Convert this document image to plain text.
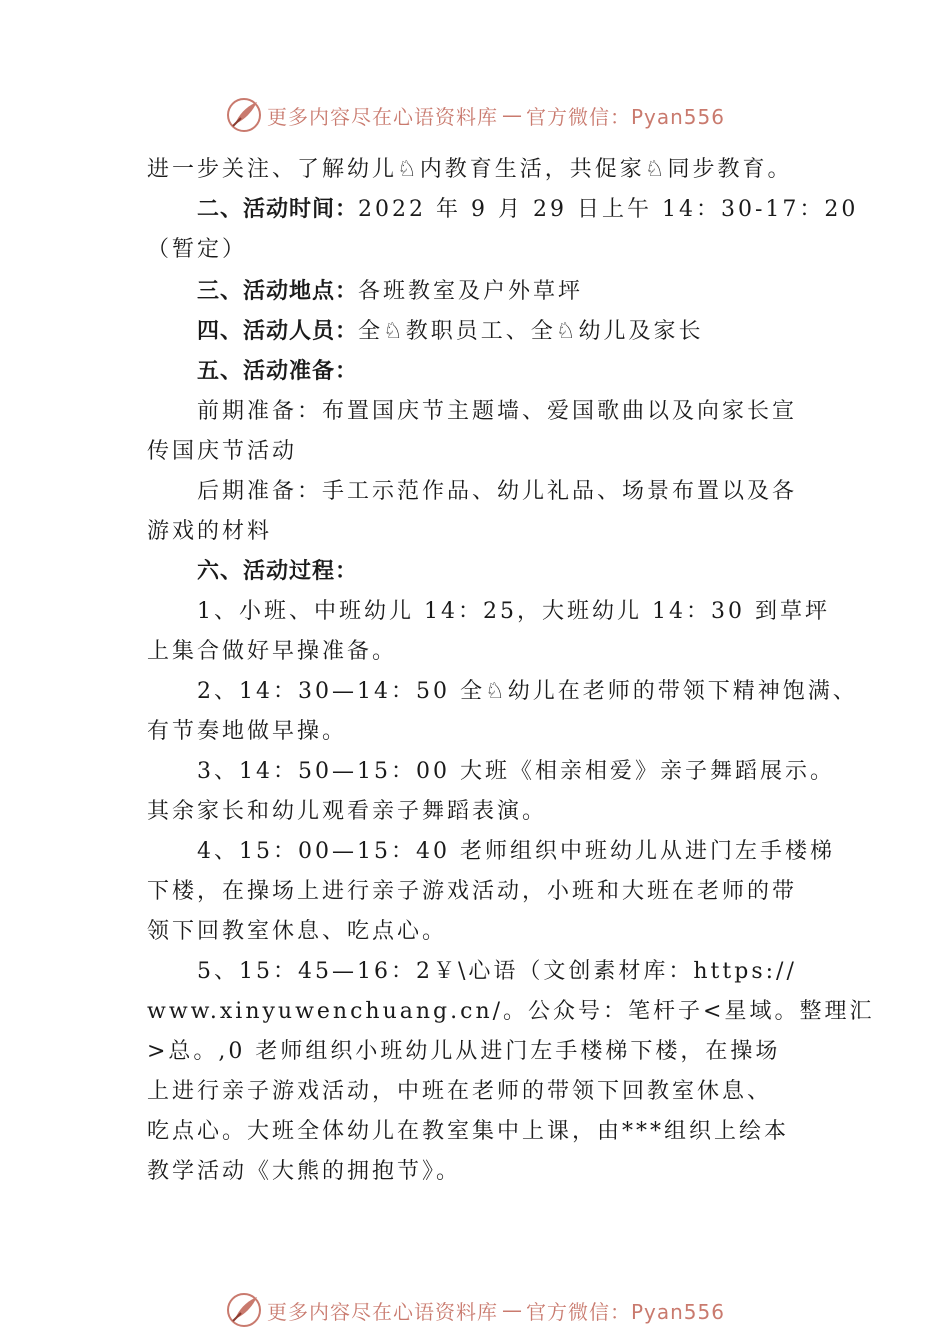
更多内容尽在心语资料库 — 官方微信：Pyan556
进一步关注、了解幼儿♘内教育生活，共促家♘同步教育。
二、活动时间：2022 年 9 月 29 日上午 14：30-17：20
（暂定）
三、活动地点：各班教室及户外草坪
四、活动人员：全♘教职员工、全♘幼儿及家长
五、活动准备：
前期准备：布置国庆节主题墙、爱国歌曲以及向家长宣
传国庆节活动
后期准备：手工示范作品、幼儿礼品、场景布置以及各
游戏的材料
六、活动过程：
1、小班、中班幼儿 14：25，大班幼儿 14：30 到草坪
上集合做好早操准备。
2、14：30—14：50 全♘幼儿在老师的带领下精神饱满、
有节奏地做早操。
3、14：50—15：00 大班《相亲相爱》亲子舞蹈展示。
其余家长和幼儿观看亲子舞蹈表演。
4、15：00—15：40 老师组织中班幼儿从进门左手楼梯
下楼，在操场上进行亲子游戏活动，小班和大班在老师的带
领下回教室休息、吃点心。
5、15：45—16：2￥\心语（文创素材库：https://
www.xinyuwenchuang.cn/。公众号：笔杆子<星域。整理汇
>总。,0 老师组织小班幼儿从进门左手楼梯下楼，在操场
上进行亲子游戏活动，中班在老师的带领下回教室休息、
吃点心。大班全体幼儿在教室集中上课，由***组织上绘本
教学活动《大熊的拥抱节》。
更多内容尽在心语资料库 — 官方微信：Pyan556
